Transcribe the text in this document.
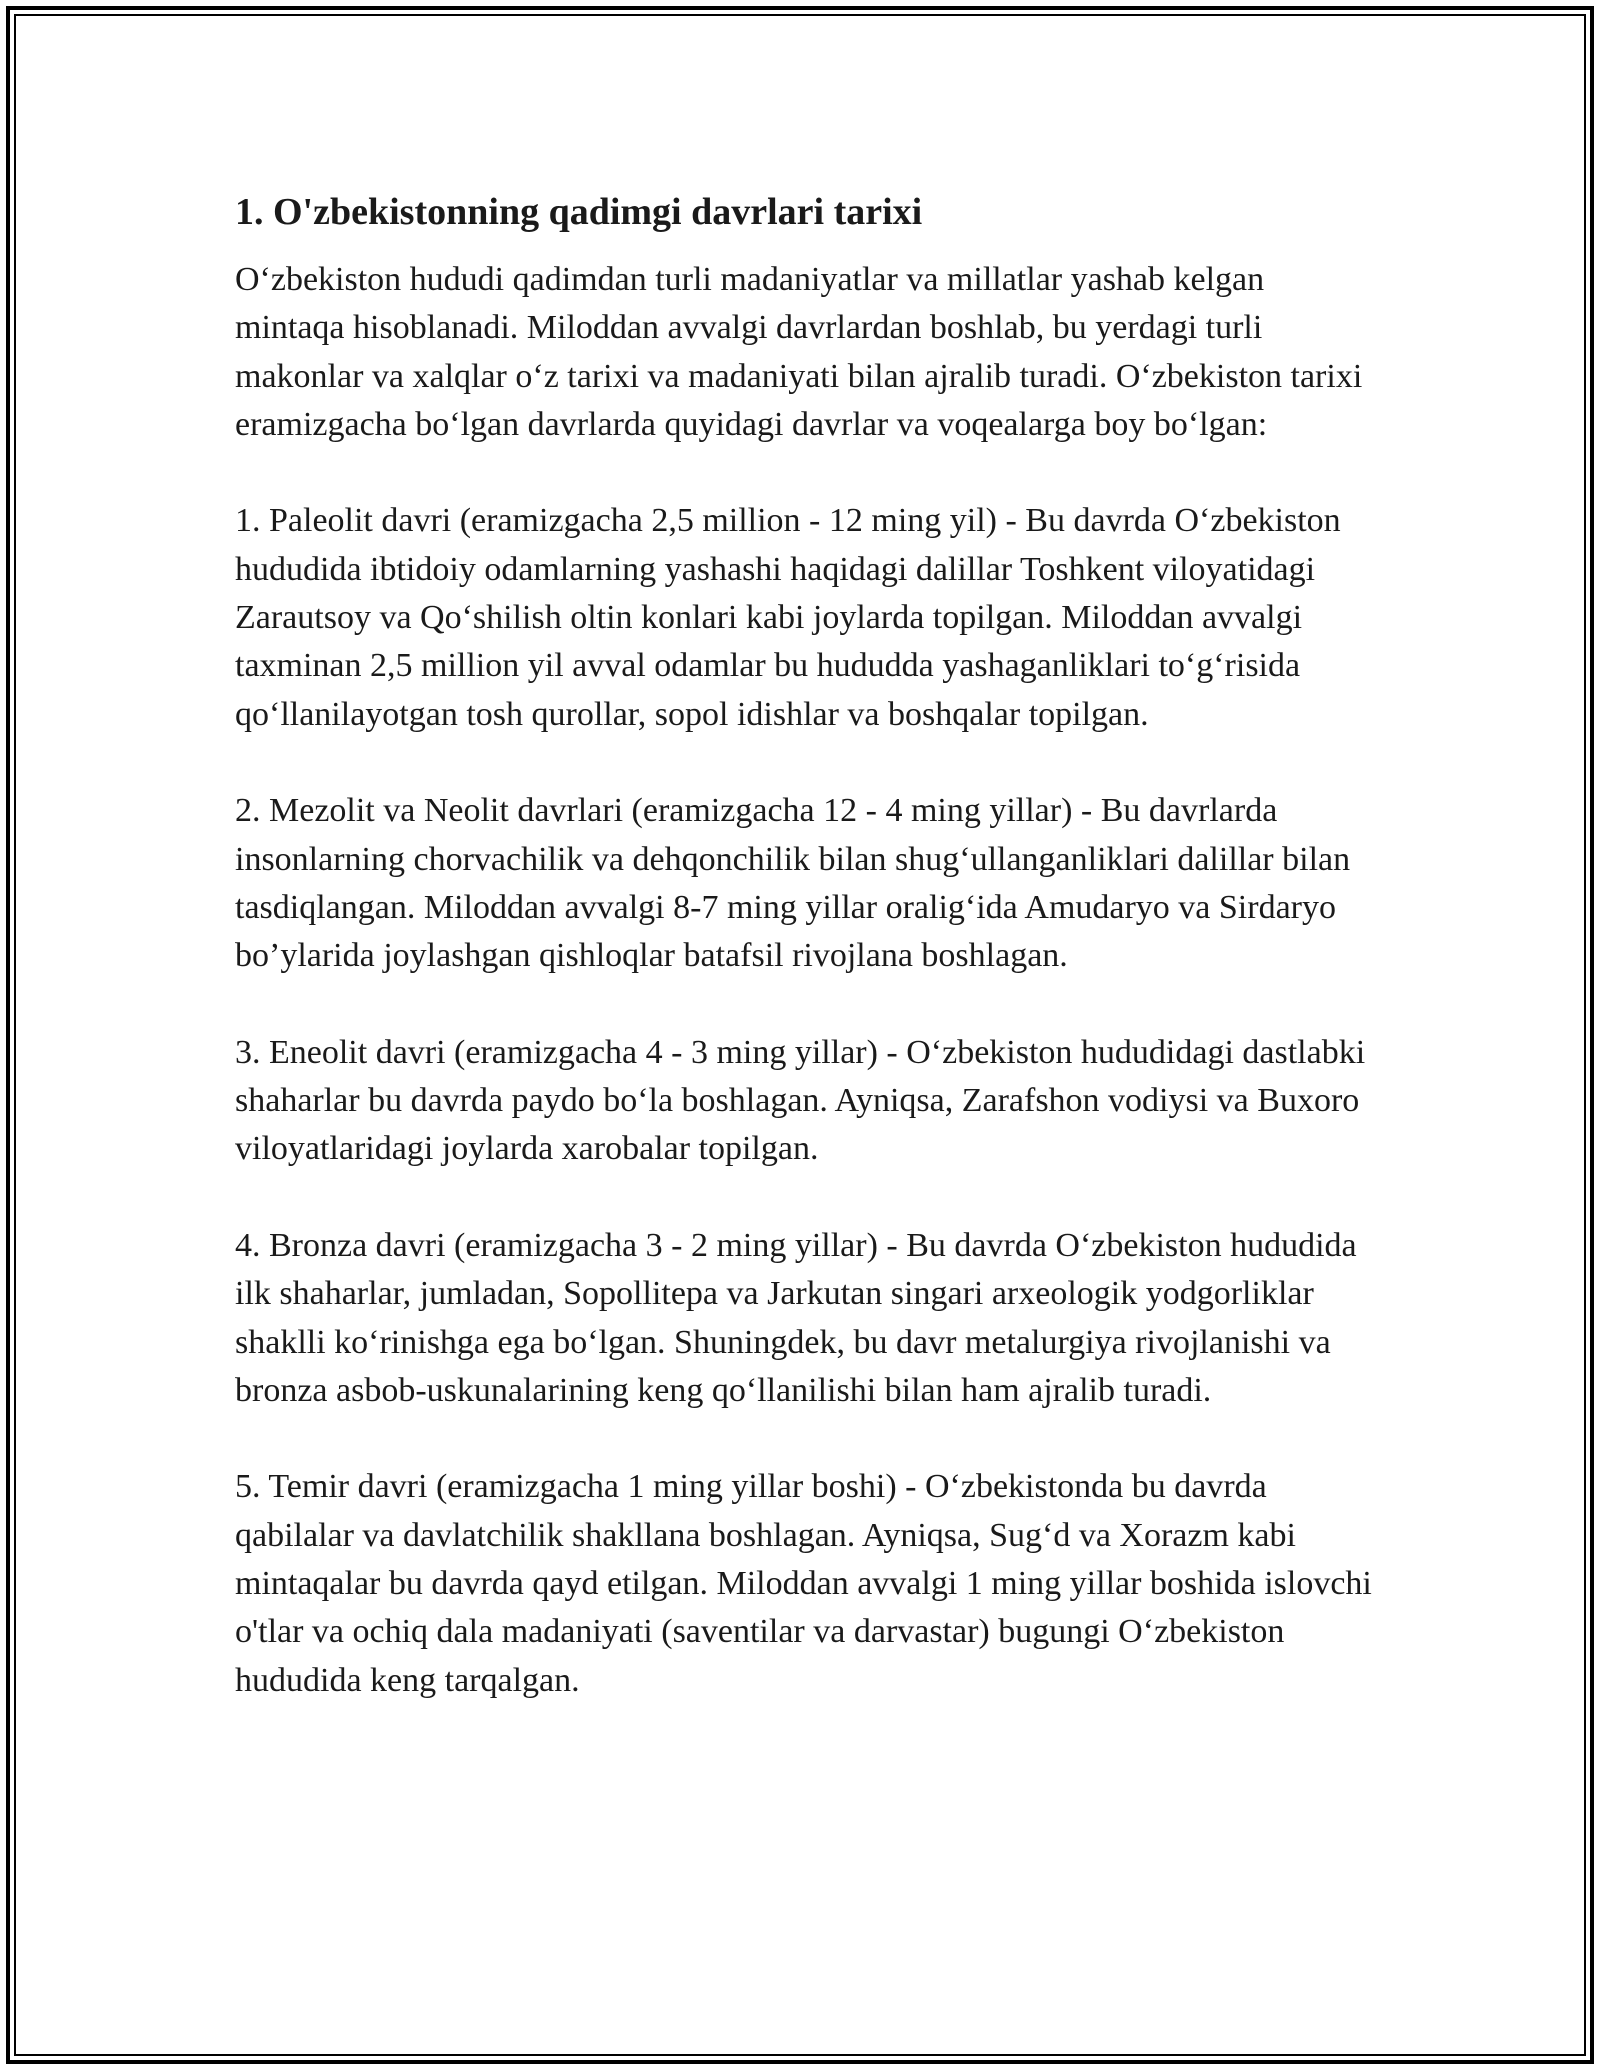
1. O'zbekistonning qadimgi davrlari tarixi

O‘zbekiston hududi qadimdan turli madaniyatlar va millatlar yashab kelgan mintaqa hisoblanadi. Miloddan avvalgi davrlardan boshlab, bu yerdagi turli makonlar va xalqlar o‘z tarixi va madaniyati bilan ajralib turadi. O‘zbekiston tarixi eramizgacha bo‘lgan davrlarda quyidagi davrlar va voqealarga boy bo‘lgan:

1. Paleolit davri (eramizgacha 2,5 million - 12 ming yil) - Bu davrda O‘zbekiston hududida ibtidoiy odamlarning yashashi haqidagi dalillar Toshkent viloyatidagi Zarautsoy va Qo‘shilish oltin konlari kabi joylarda topilgan. Miloddan avvalgi taxminan 2,5 million yil avval odamlar bu hududda yashaganliklari to‘g‘risida qo‘llanilayotgan tosh qurollar, sopol idishlar va boshqalar topilgan.

2. Mezolit va Neolit davrlari (eramizgacha 12 - 4 ming yillar) - Bu davrlarda insonlarning chorvachilik va dehqonchilik bilan shug‘ullanganliklari dalillar bilan tasdiqlangan. Miloddan avvalgi 8-7 ming yillar oralig‘ida Amudaryo va Sirdaryo bo’ylarida joylashgan qishloqlar batafsil rivojlana boshlagan.

3. Eneolit davri (eramizgacha 4 - 3 ming yillar) - O‘zbekiston hududidagi dastlabki shaharlar bu davrda paydo bo‘la boshlagan. Ayniqsa, Zarafshon vodiysi va Buxoro viloyatlaridagi joylarda xarobalar topilgan.

4. Bronza davri (eramizgacha 3 - 2 ming yillar) - Bu davrda O‘zbekiston hududida ilk shaharlar, jumladan, Sopollitepa va Jarkutan singari arxeologik yodgorliklar shaklli ko‘rinishga ega bo‘lgan. Shuningdek, bu davr metalurgiya rivojlanishi va bronza asbob-uskunalarining keng qo‘llanilishi bilan ham ajralib turadi.

5. Temir davri (eramizgacha 1 ming yillar boshi) - O‘zbekistonda bu davrda qabilalar va davlatchilik shakllana boshlagan. Ayniqsa, Sug‘d va Xorazm kabi mintaqalar bu davrda qayd etilgan. Miloddan avvalgi 1 ming yillar boshida islovchi o'tlar va ochiq dala madaniyati (saventilar va darvastar) bugungi O‘zbekiston hududida keng tarqalgan.
